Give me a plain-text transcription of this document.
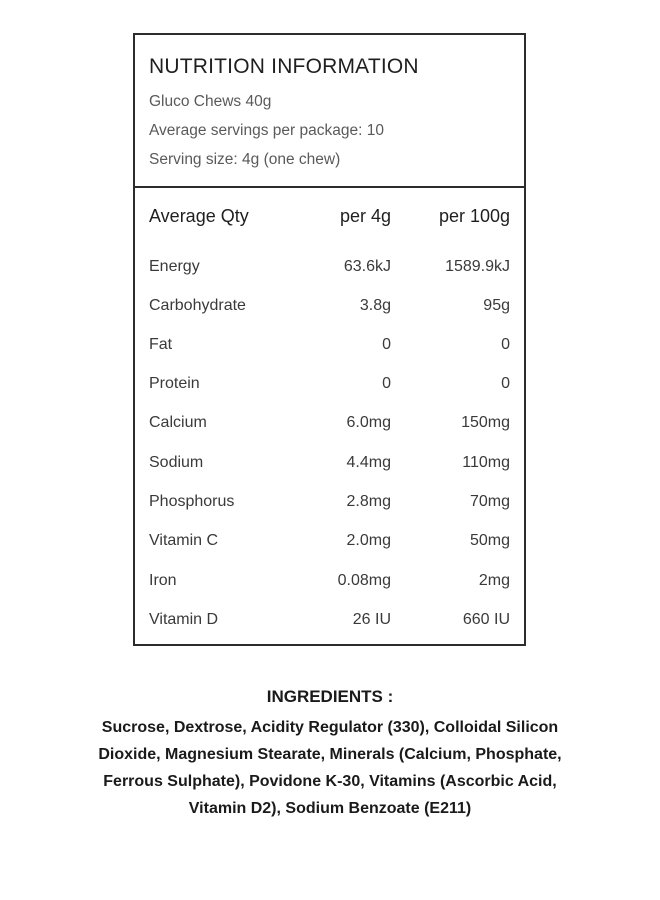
NUTRITION INFORMATION
Gluco Chews 40g
Average servings per package: 10
Serving size: 4g (one chew)
Average Qty	per 4g	per 100g
Energy	63.6kJ	1589.9kJ
Carbohydrate	3.8g	95g
Fat	0	0
Protein	0	0
Calcium	6.0mg	150mg
Sodium	4.4mg	110mg
Phosphorus	2.8mg	70mg
Vitamin C	2.0mg	50mg
Iron	0.08mg	2mg
Vitamin D	26 IU	660 IU
INGREDIENTS :
Sucrose, Dextrose, Acidity Regulator (330), Colloidal Silicon
Dioxide, Magnesium Stearate, Minerals (Calcium, Phosphate,
Ferrous Sulphate), Povidone K-30, Vitamins (Ascorbic Acid,
Vitamin D2), Sodium Benzoate (E211)
